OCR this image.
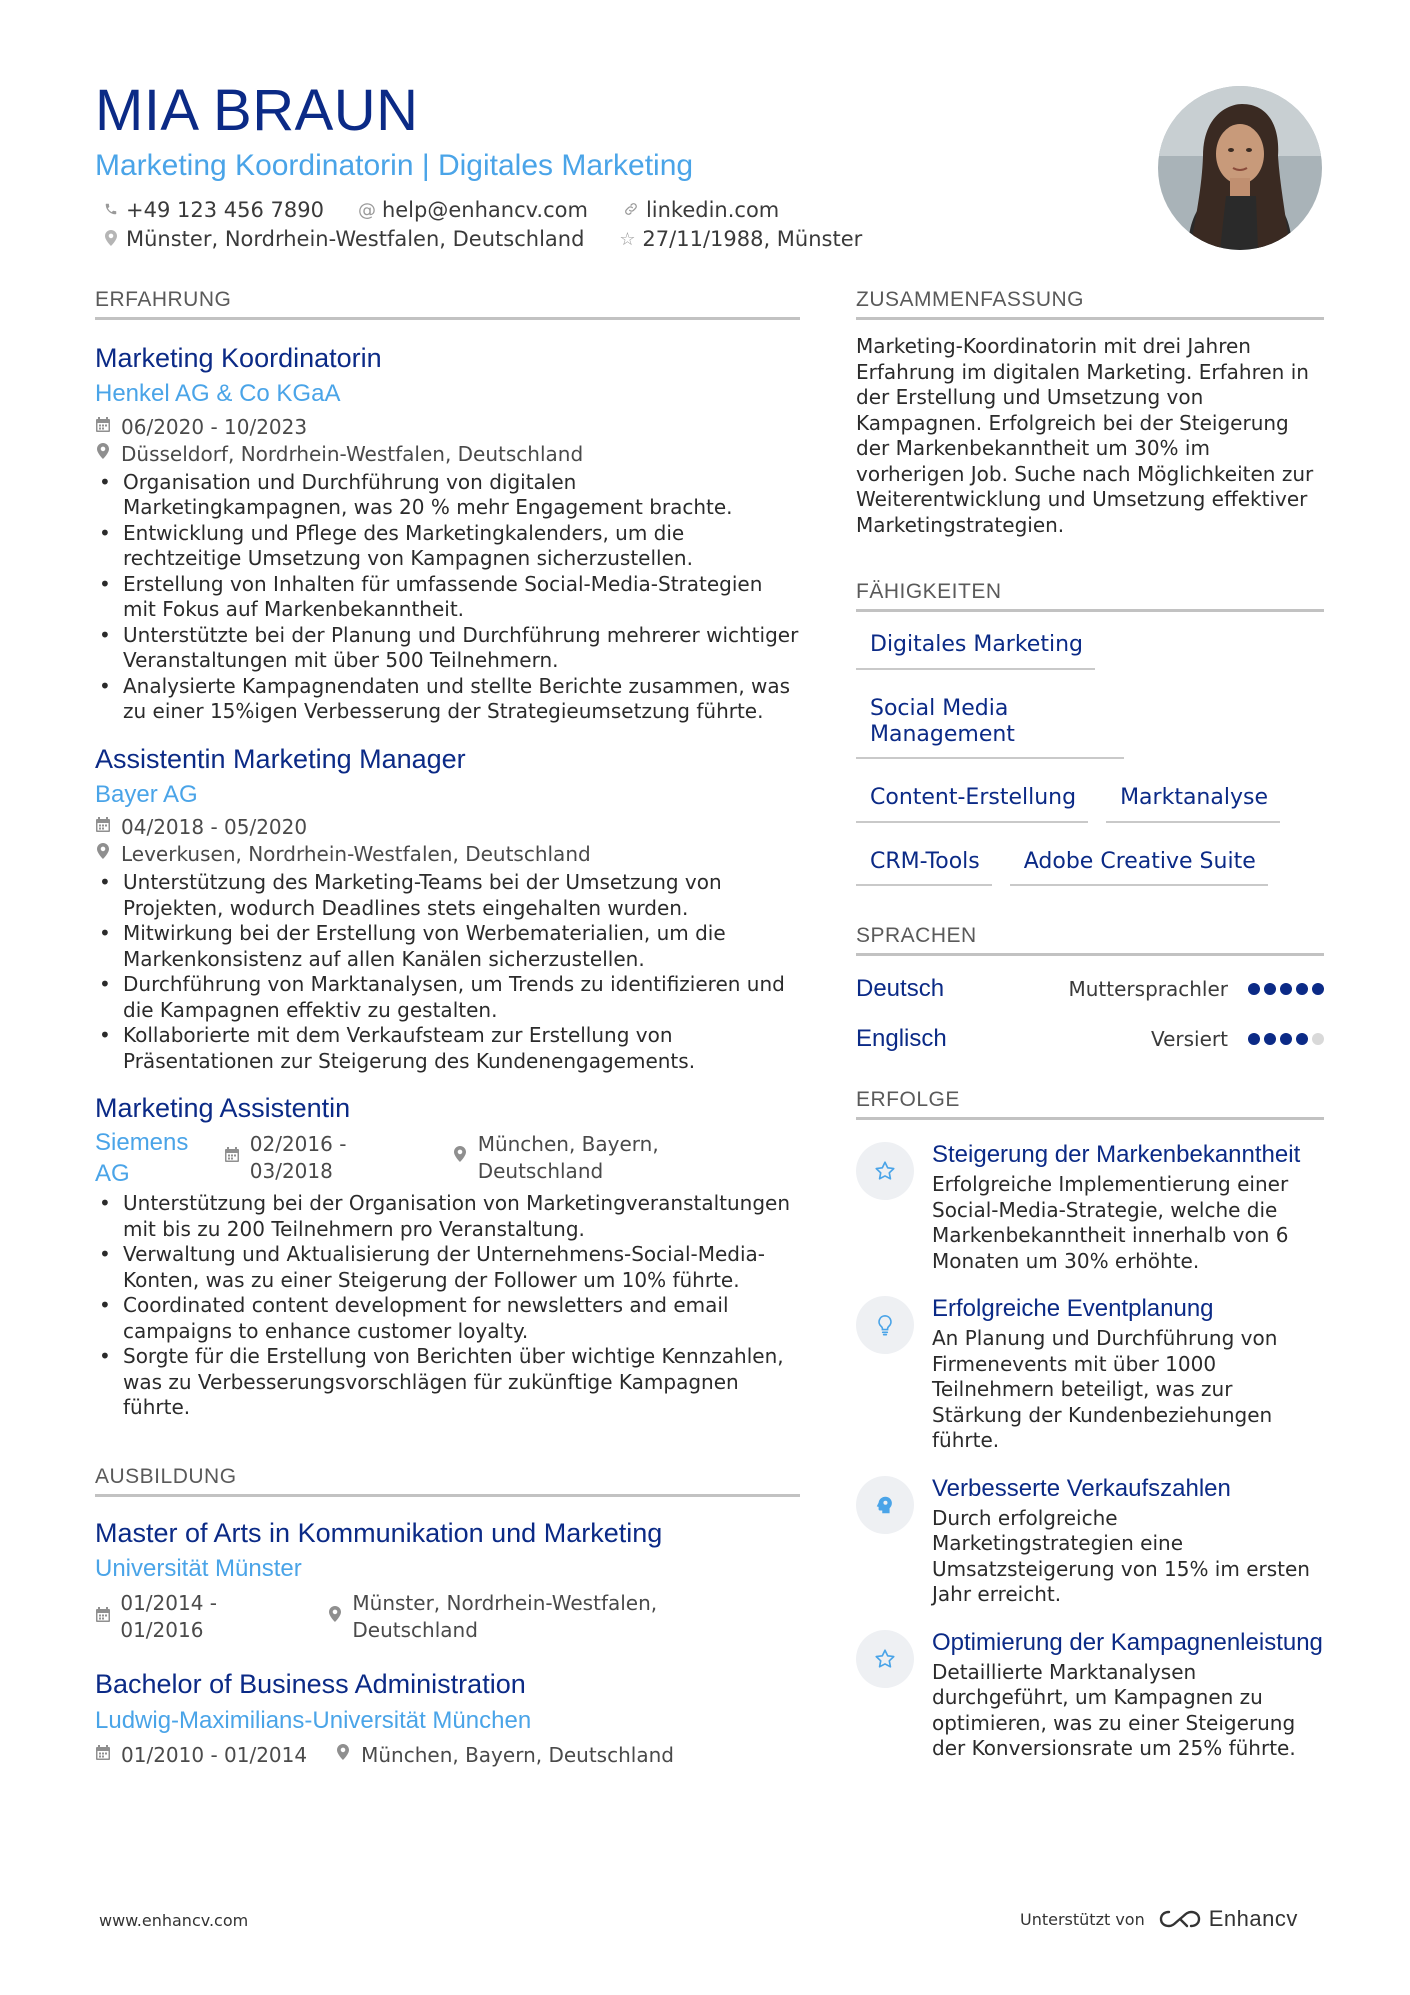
MIA BRAUN
Marketing Koordinatorin | Digitales Marketing
+49 123 456 7890 @ help@enhancv.com	linkedin.com
Münster, Nordrhein-Westfalen, Deutschland ☆ 27/11/1988, Münster
ERFAHRUNG
Marketing Koordinatorin
Henkel AG & Co KGaA
06/2020 - 10/2023
Düsseldorf, Nordrhein-Westfalen, Deutschland
• Organisation und Durchführung von digitalen Marketingkampagnen, was 20 % mehr Engagement brachte.
• Entwicklung und Pflege des Marketingkalenders, um die rechtzeitige Umsetzung von Kampagnen sicherzustellen.
• Erstellung von Inhalten für umfassende Social-Media-Strategien mit Fokus auf Markenbekanntheit.
• Unterstützte bei der Planung und Durchführung mehrerer wichtiger Veranstaltungen mit über 500 Teilnehmern.
• Analysierte Kampagnendaten und stellte Berichte zusammen, was zu einer 15%igen Verbesserung der Strategieumsetzung führte.
Assistentin Marketing Manager
Bayer AG
04/2018 - 05/2020
Leverkusen, Nordrhein-Westfalen, Deutschland
• Unterstützung des Marketing-Teams bei der Umsetzung von Projekten, wodurch Deadlines stets eingehalten wurden.
• Mitwirkung bei der Erstellung von Werbematerialien, um die Markenkonsistenz auf allen Kanälen sicherzustellen.
• Durchführung von Marktanalysen, um Trends zu identifizieren und die Kampagnen effektiv zu gestalten.
• Kollaborierte mit dem Verkaufsteam zur Erstellung von Präsentationen zur Steigerung des Kundenengagements.
Marketing Assistentin
Siemens AG
02/2016 - 03/2018
München, Bayern, Deutschland
• Unterstützung bei der Organisation von Marketingveranstaltungen mit bis zu 200 Teilnehmern pro Veranstaltung.
• Verwaltung und Aktualisierung der Unternehmens-Social-Media-Konten, was zu einer Steigerung der Follower um 10% führte.
• Coordinated content development for newsletters and email campaigns to enhance customer loyalty.
• Sorgte für die Erstellung von Berichten über wichtige Kennzahlen, was zu Verbesserungsvorschlägen für zukünftige Kampagnen führte.
AUSBILDUNG
Master of Arts in Kommunikation und Marketing
Universität Münster
01/2014 - 01/2016
Münster, Nordrhein-Westfalen, Deutschland
Bachelor of Business Administration
Ludwig-Maximilians-Universität München
01/2010 - 01/2014	München, Bayern, Deutschland
ZUSAMMENFASSUNG
Marketing-Koordinatorin mit drei Jahren Erfahrung im digitalen Marketing. Erfahren in der Erstellung und Umsetzung von Kampagnen. Erfolgreich bei der Steigerung der Markenbekanntheit um 30% im vorherigen Job. Suche nach Möglichkeiten zur Weiterentwicklung und Umsetzung effektiver Marketingstrategien.
FÄHIGKEITEN
Digitales Marketing
Social Media Management
Content-Erstellung	Marktanalyse
CRM-Tools	Adobe Creative Suite
SPRACHEN
Deutsch	Muttersprachler
Englisch	Versiert
ERFOLGE
Steigerung der Markenbekanntheit
Erfolgreiche Implementierung einer Social-Media-Strategie, welche die Markenbekanntheit innerhalb von 6 Monaten um 30% erhöhte.
Erfolgreiche Eventplanung
An Planung und Durchführung von Firmenevents mit über 1000 Teilnehmern beteiligt, was zur Stärkung der Kundenbeziehungen führte.
Verbesserte Verkaufszahlen
Durch erfolgreiche Marketingstrategien eine Umsatzsteigerung von 15% im ersten Jahr erreicht.
Optimierung der Kampagnenleistung
Detaillierte Marktanalysen durchgeführt, um Kampagnen zu optimieren, was zu einer Steigerung der Konversionsrate um 25% führte.
www.enhancv.com	Unterstützt von	Enhancv
